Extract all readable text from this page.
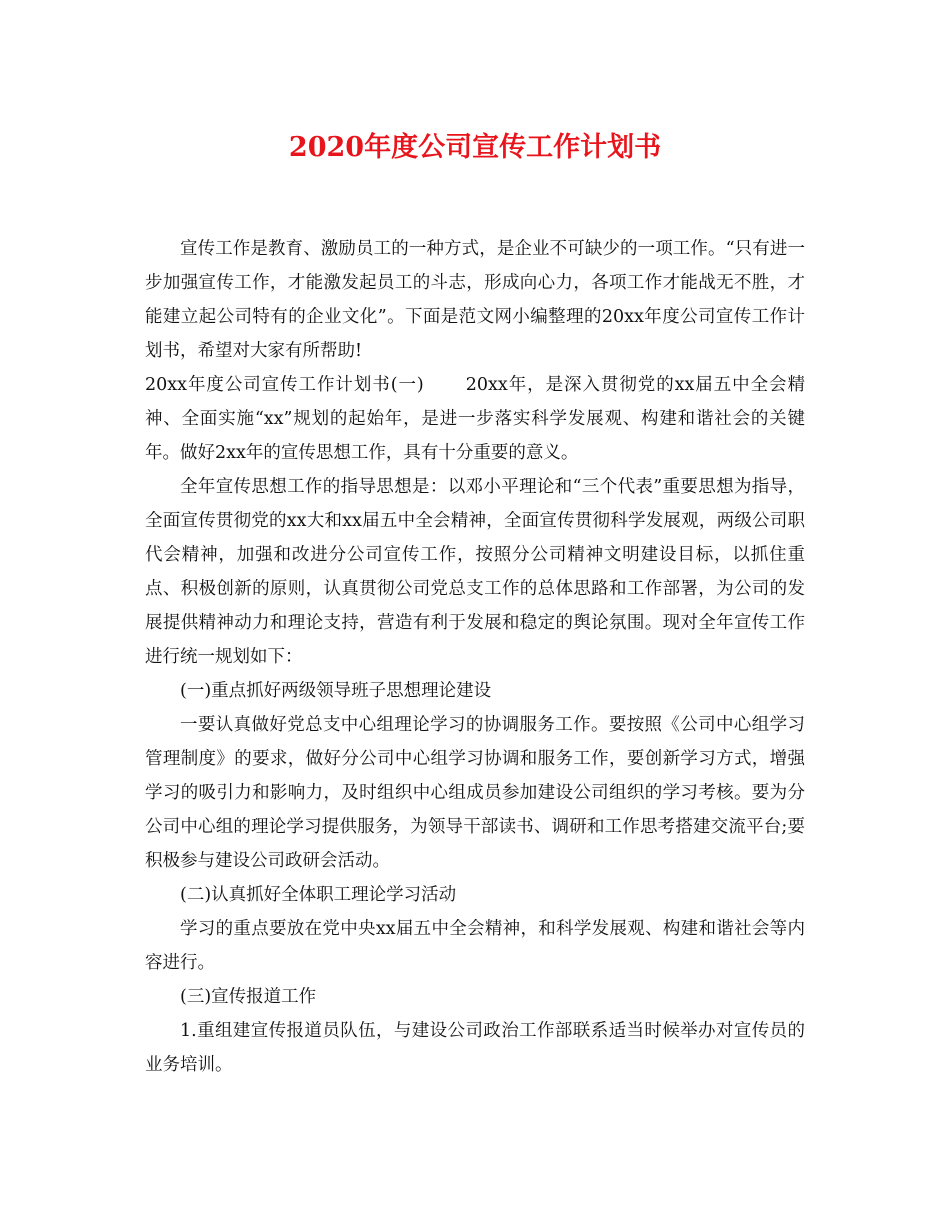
2020年度公司宣传工作计划书

宣传工作是教育、激励员工的一种方式，是企业不可缺少的一项工作。“只有进一步加强宣传工作，才能激发起员工的斗志，形成向心力，各项工作才能战无不胜，才能建立起公司特有的企业文化”。下面是范文网小编整理的20xx年度公司宣传工作计划书，希望对大家有所帮助!

20xx年度公司宣传工作计划书(一) 20xx年，是深入贯彻党的xx届五中全会精神、全面实施“xx”规划的起始年，是进一步落实科学发展观、构建和谐社会的关键年。做好2xx年的宣传思想工作，具有十分重要的意义。

全年宣传思想工作的指导思想是：以邓小平理论和“三个代表”重要思想为指导，全面宣传贯彻党的xx大和xx届五中全会精神，全面宣传贯彻科学发展观，两级公司职代会精神，加强和改进分公司宣传工作，按照分公司精神文明建设目标，以抓住重点、积极创新的原则，认真贯彻公司党总支工作的总体思路和工作部署，为公司的发展提供精神动力和理论支持，营造有利于发展和稳定的舆论氛围。现对全年宣传工作进行统一规划如下：

(一)重点抓好两级领导班子思想理论建设

一要认真做好党总支中心组理论学习的协调服务工作。要按照《公司中心组学习管理制度》的要求，做好分公司中心组学习协调和服务工作，要创新学习方式，增强学习的吸引力和影响力，及时组织中心组成员参加建设公司组织的学习考核。要为分公司中心组的理论学习提供服务，为领导干部读书、调研和工作思考搭建交流平台;要积极参与建设公司政研会活动。

(二)认真抓好全体职工理论学习活动

学习的重点要放在党中央xx届五中全会精神，和科学发展观、构建和谐社会等内容进行。

(三)宣传报道工作

1.重组建宣传报道员队伍，与建设公司政治工作部联系适当时候举办对宣传员的业务培训。
